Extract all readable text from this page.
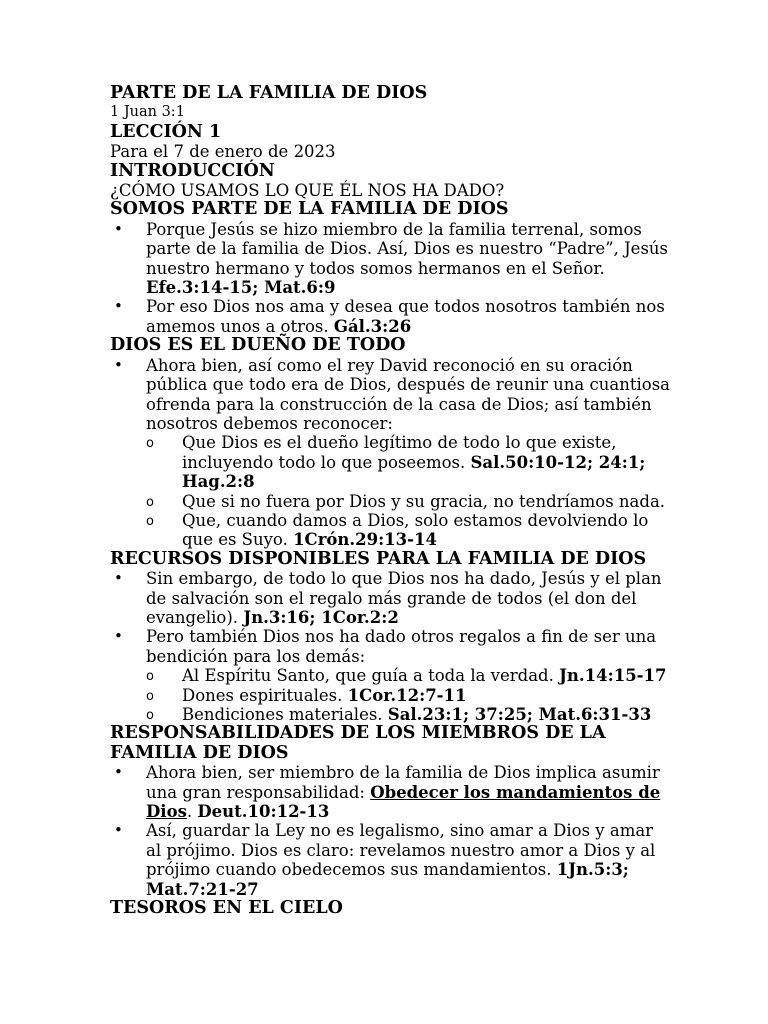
PARTE DE LA FAMILIA DE DIOS
1 Juan 3:1
LECCIÓN 1
Para el 7 de enero de 2023
INTRODUCCIÓN
¿CÓMO USAMOS LO QUE ÉL NOS HA DADO?
SOMOS PARTE DE LA FAMILIA DE DIOS
• Porque Jesús se hizo miembro de la familia terrenal, somos parte de la familia de Dios. Así, Dios es nuestro “Padre”, Jesús nuestro hermano y todos somos hermanos en el Señor. Efe.3:14-15; Mat.6:9
• Por eso Dios nos ama y desea que todos nosotros también nos amemos unos a otros. Gál.3:26
DIOS ES EL DUEÑO DE TODO
• Ahora bien, así como el rey David reconoció en su oración pública que todo era de Dios, después de reunir una cuantiosa ofrenda para la construcción de la casa de Dios; así también nosotros debemos reconocer:
o Que Dios es el dueño legítimo de todo lo que existe, incluyendo todo lo que poseemos. Sal.50:10-12; 24:1; Hag.2:8
o Que si no fuera por Dios y su gracia, no tendríamos nada.
o Que, cuando damos a Dios, solo estamos devolviendo lo que es Suyo. 1Crón.29:13-14
RECURSOS DISPONIBLES PARA LA FAMILIA DE DIOS
• Sin embargo, de todo lo que Dios nos ha dado, Jesús y el plan de salvación son el regalo más grande de todos (el don del evangelio). Jn.3:16; 1Cor.2:2
• Pero también Dios nos ha dado otros regalos a fin de ser una bendición para los demás:
o Al Espíritu Santo, que guía a toda la verdad. Jn.14:15-17
o Dones espirituales. 1Cor.12:7-11
o Bendiciones materiales. Sal.23:1; 37:25; Mat.6:31-33
RESPONSABILIDADES DE LOS MIEMBROS DE LA FAMILIA DE DIOS
• Ahora bien, ser miembro de la familia de Dios implica asumir una gran responsabilidad: Obedecer los mandamientos de Dios. Deut.10:12-13
• Así, guardar la Ley no es legalismo, sino amar a Dios y amar al prójimo. Dios es claro: revelamos nuestro amor a Dios y al prójimo cuando obedecemos sus mandamientos. 1Jn.5:3; Mat.7:21-27
TESOROS EN EL CIELO
